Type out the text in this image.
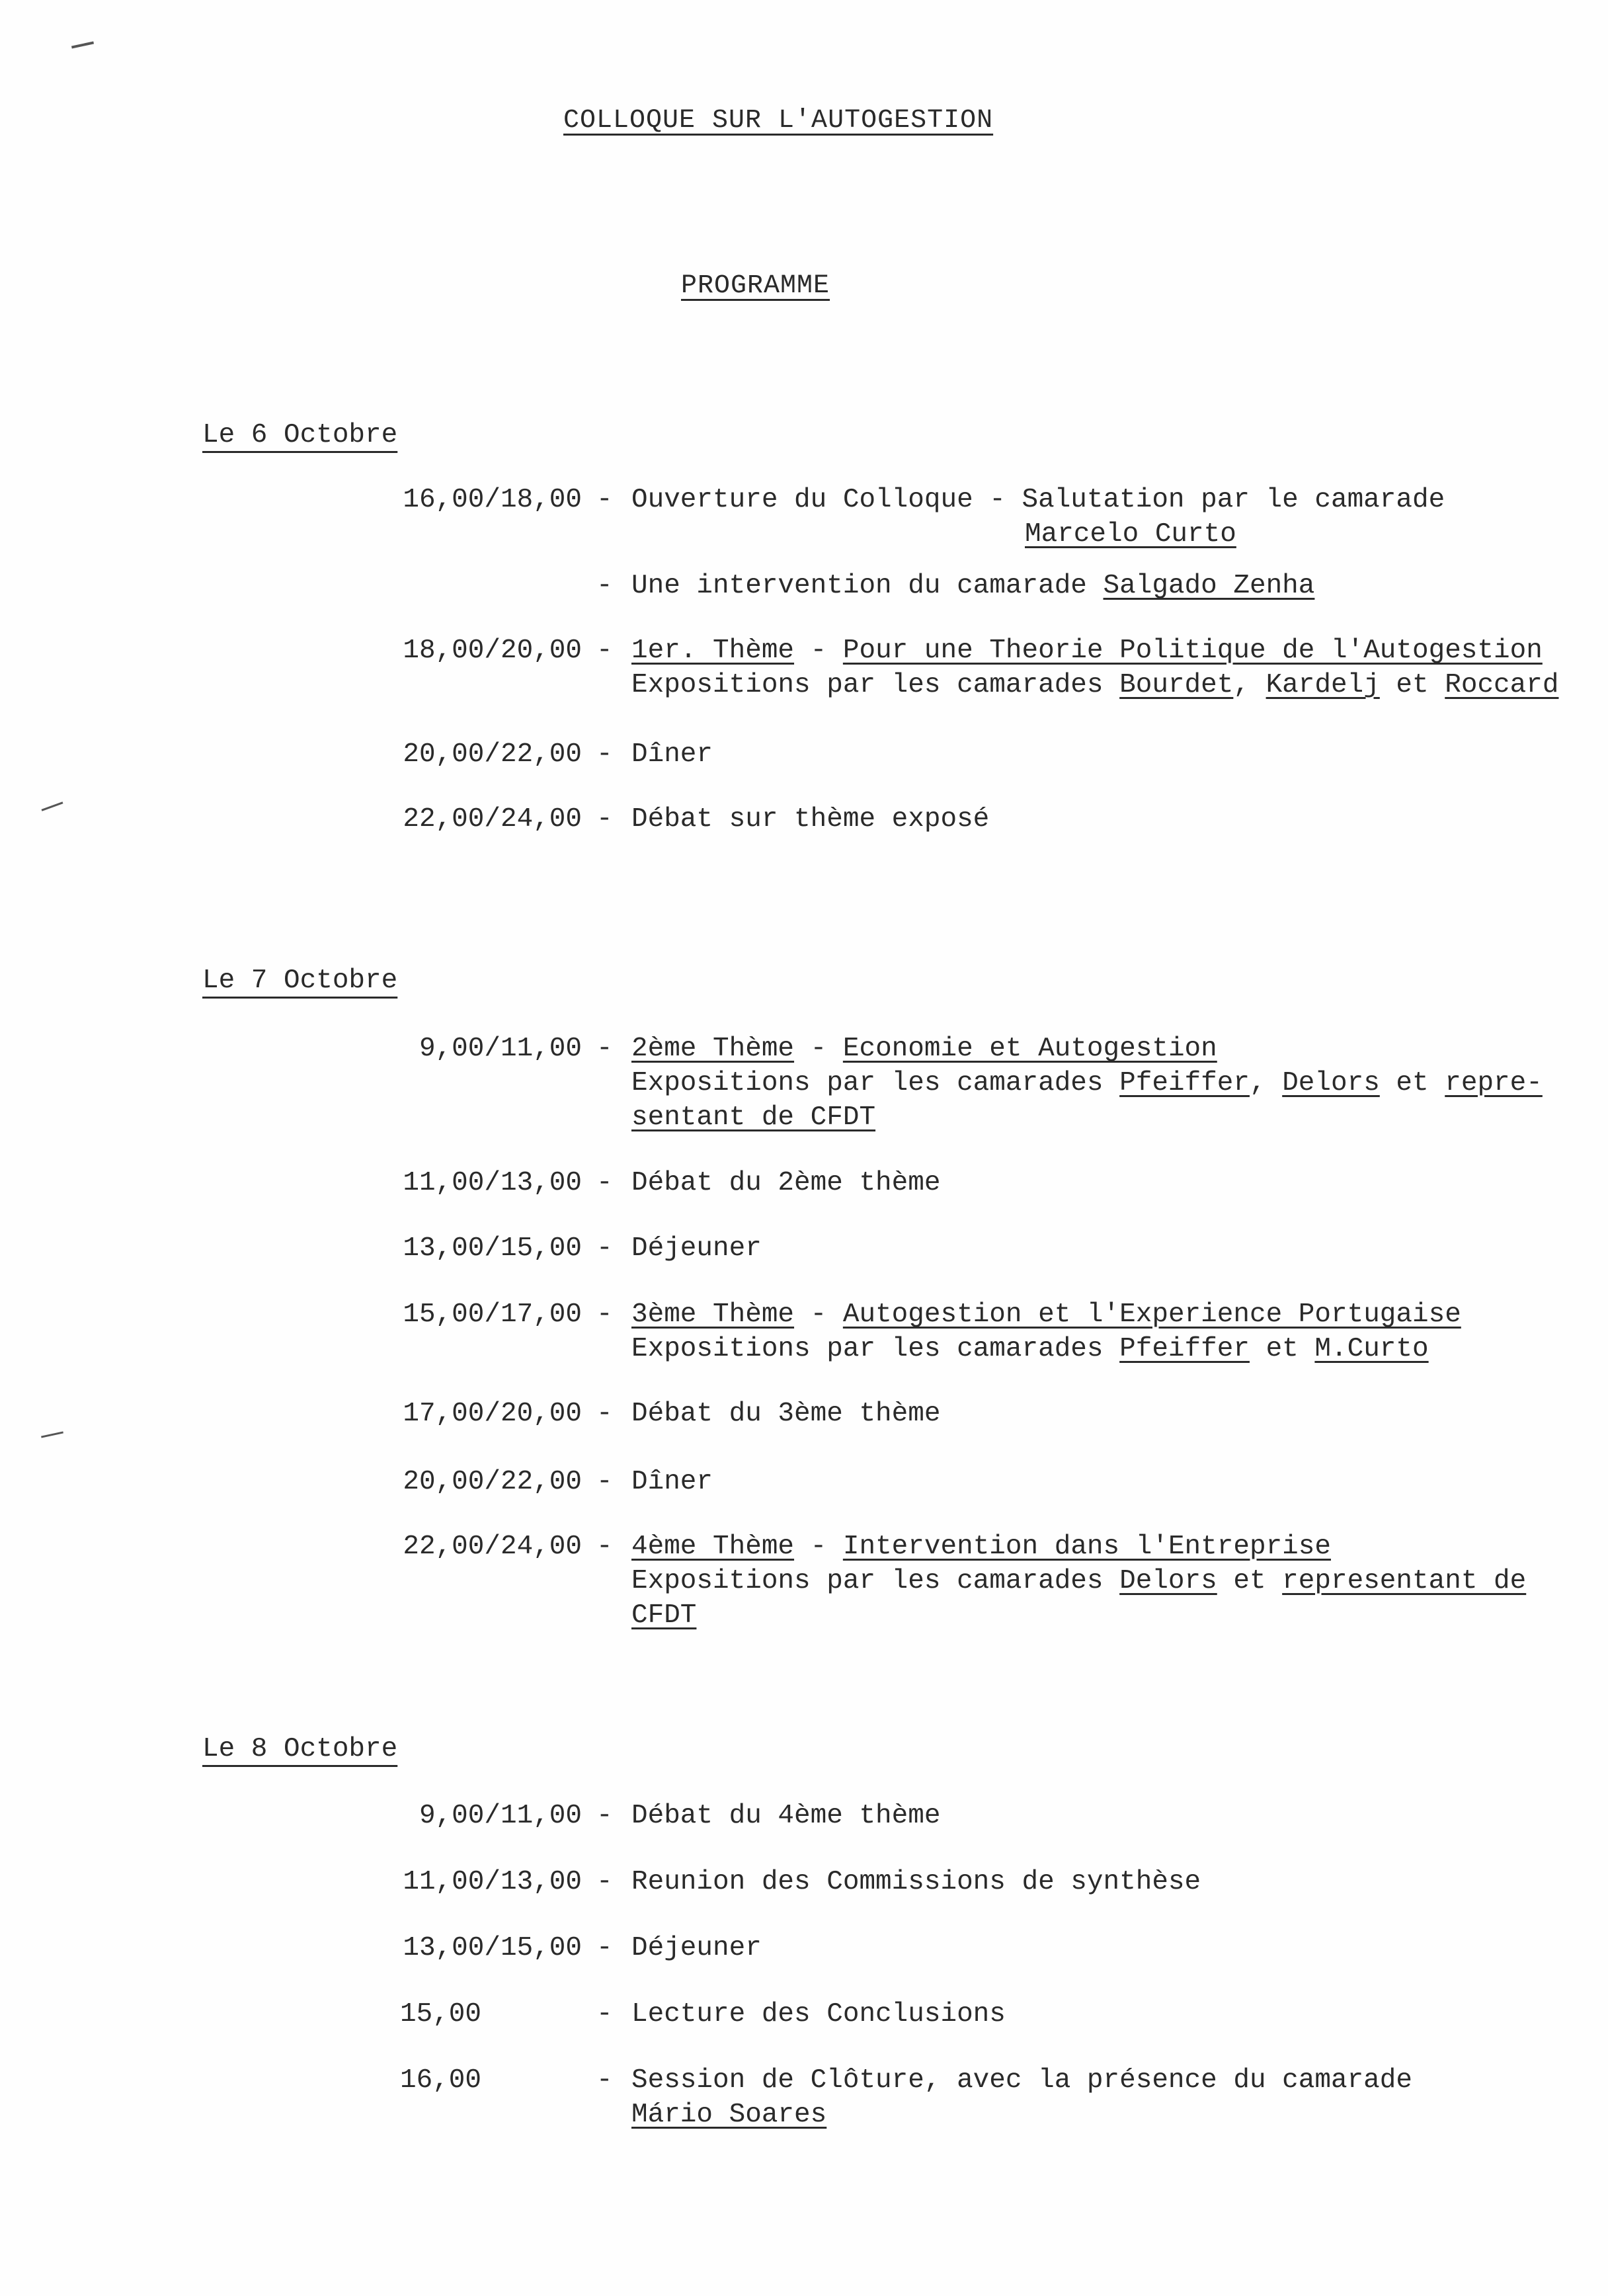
COLLOQUE SUR L'AUTOGESTION
PROGRAMME
Le 6 Octobre
16,00/18,00 - Ouverture du Colloque - Salutation par le camarade
Marcelo Curto
- Une intervention du camarade Salgado Zenha
18,00/20,00 - 1er. Thème - Pour une Theorie Politique de l'Autogestion
Expositions par les camarades Bourdet, Kardelj et Roccard
20,00/22,00 - Dîner
22,00/24,00 - Débat sur thème exposé
Le 7 Octobre
9,00/11,00 - 2ème Thème - Economie et Autogestion
Expositions par les camarades Pfeiffer, Delors et repre-
sentant de CFDT
11,00/13,00 - Débat du 2ème thème
13,00/15,00 - Déjeuner
15,00/17,00 - 3ème Thème - Autogestion et l'Experience Portugaise
Expositions par les camarades Pfeiffer et M.Curto
17,00/20,00 - Débat du 3ème thème
20,00/22,00 - Dîner
22,00/24,00 - 4ème Thème - Intervention dans l'Entreprise
Expositions par les camarades Delors et representant de
CFDT
Le 8 Octobre
9,00/11,00 - Débat du 4ème thème
11,00/13,00 - Reunion des Commissions de synthèse
13,00/15,00 - Déjeuner
15,00	- Lecture des Conclusions
16,00	- Session de Clôture, avec la présence du camarade
Mário Soares
